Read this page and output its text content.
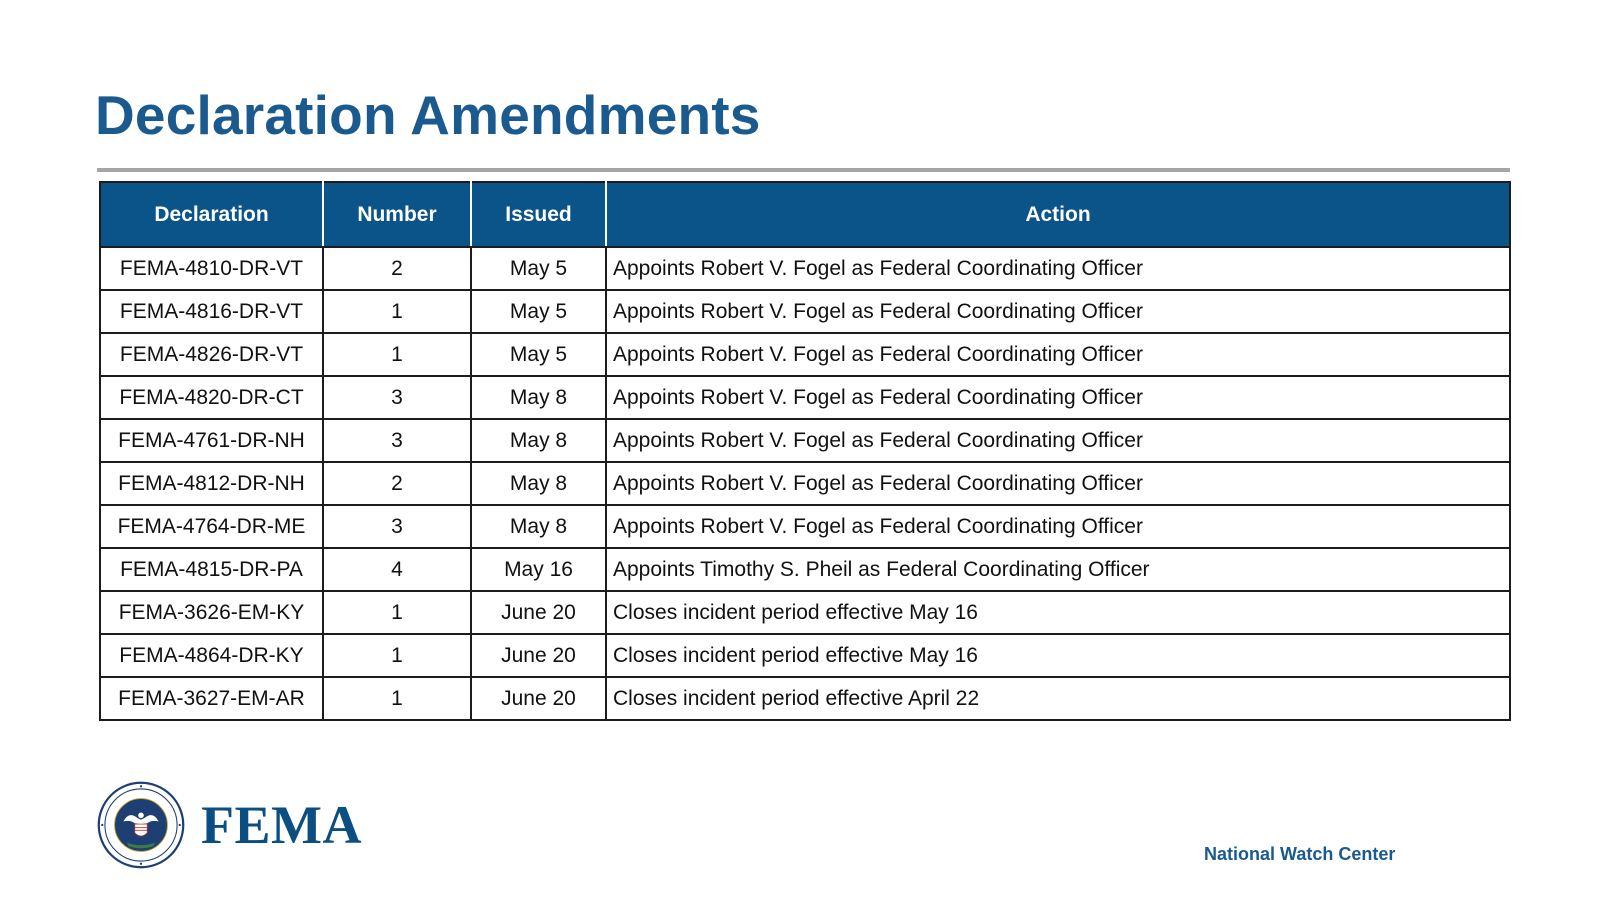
Declaration Amendments
Declaration	Number	Issued	Action
FEMA-4810-DR-VT	2	May 5	Appoints Robert V. Fogel as Federal Coordinating Officer
FEMA-4816-DR-VT	1	May 5	Appoints Robert V. Fogel as Federal Coordinating Officer
FEMA-4826-DR-VT	1	May 5	Appoints Robert V. Fogel as Federal Coordinating Officer
FEMA-4820-DR-CT	3	May 8	Appoints Robert V. Fogel as Federal Coordinating Officer
FEMA-4761-DR-NH	3	May 8	Appoints Robert V. Fogel as Federal Coordinating Officer
FEMA-4812-DR-NH	2	May 8	Appoints Robert V. Fogel as Federal Coordinating Officer
FEMA-4764-DR-ME	3	May 8	Appoints Robert V. Fogel as Federal Coordinating Officer
FEMA-4815-DR-PA	4	May 16	Appoints Timothy S. Pheil as Federal Coordinating Officer
FEMA-3626-EM-KY	1	June 20	Closes incident period effective May 16
FEMA-4864-DR-KY	1	June 20	Closes incident period effective May 16
FEMA-3627-EM-AR	1	June 20	Closes incident period effective April 22
FEMA	National Watch Center
